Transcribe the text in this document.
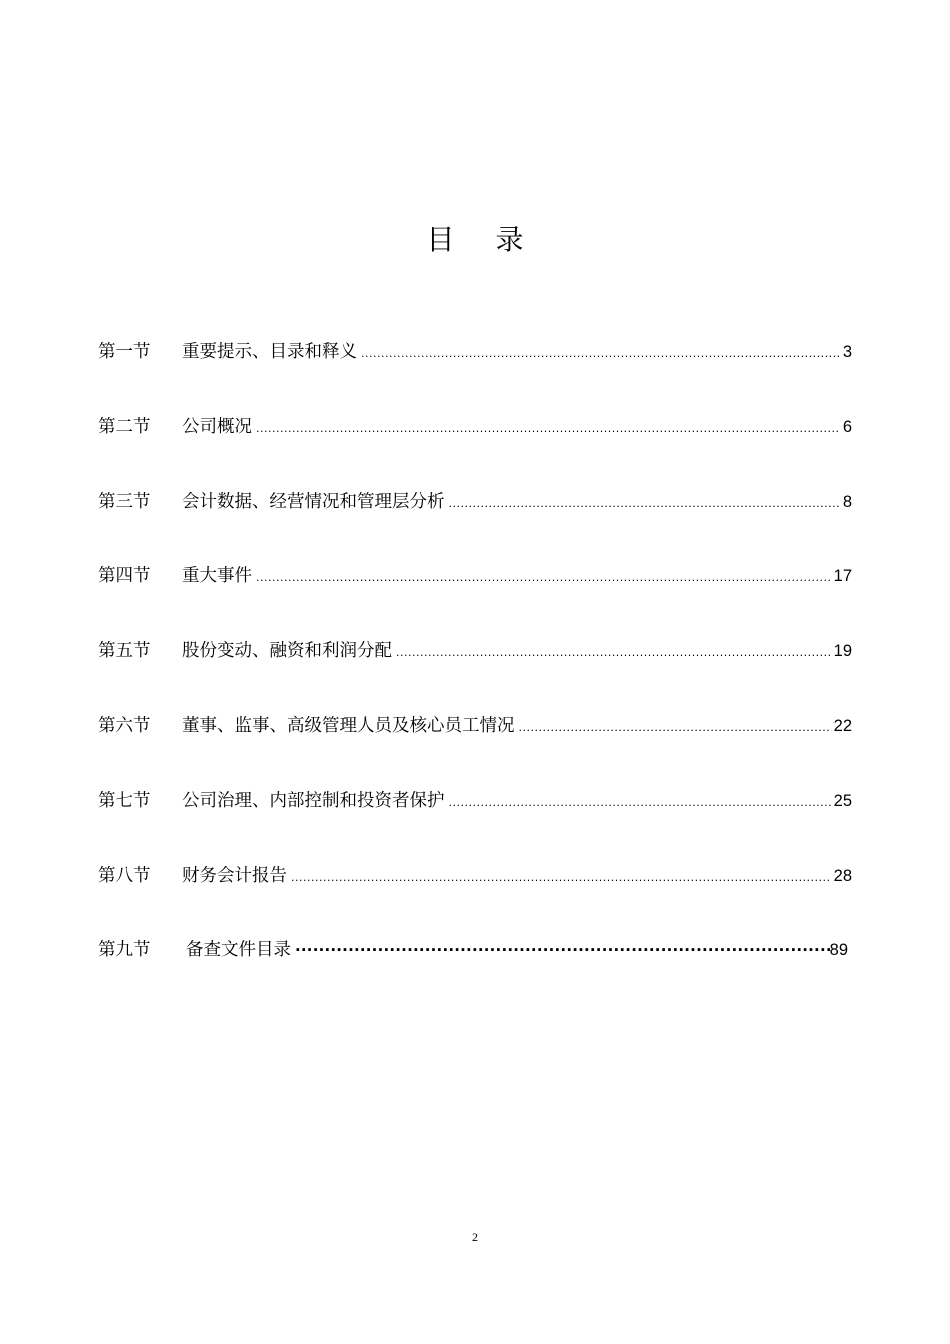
目 录
第一节	重要提示、目录和释义 .....	3
第二节	公司概况 .....	6
第三节	会计数据、经营情况和管理层分析 .....	8
第四节	重大事件 .....	17
第五节	股份变动、融资和利润分配 .....	19
第六节	董事、监事、高级管理人员及核心员工情况 .....	22
第七节	公司治理、内部控制和投资者保护 .....	25
第八节	财务会计报告 .....	28
第九节	备查文件目录 ·····	89
2
